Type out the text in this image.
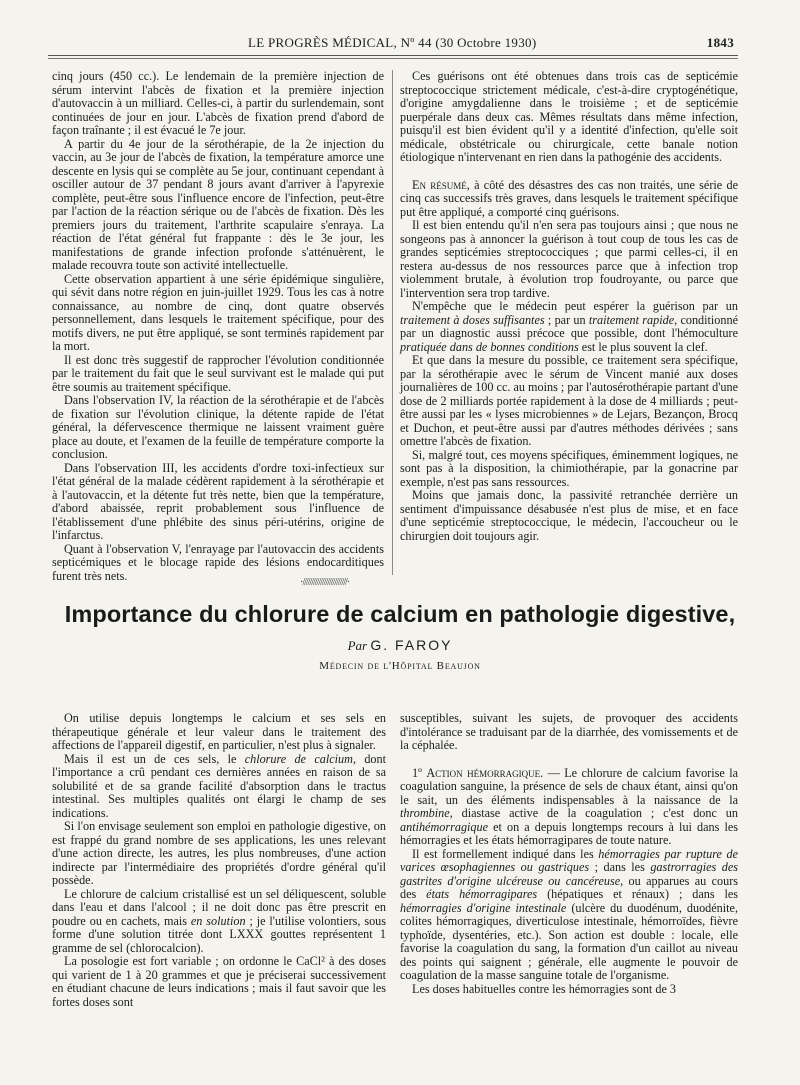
LE PROGRÈS MÉDICAL, Nº 44 (30 Octobre 1930)	1843

cinq jours (450 cc.). Le lendemain de la première injection de sérum intervint l'abcès de fixation et la première injection d'autovaccin à un milliard. Celles-ci, à partir du surlendemain, sont continuées de jour en jour. L'abcès de fixation prend d'abord de façon traînante ; il est évacué le 7e jour.

A partir du 4e jour de la sérothérapie, de la 2e injection du vaccin, au 3e jour de l'abcès de fixation, la température amorce une descente en lysis qui se complète au 5e jour, continuant cependant à osciller autour de 37 pendant 8 jours avant d'arriver à l'apyrexie complète, peut-être sous l'influence encore de l'infection, peut-être par l'action de la réaction sérique ou de l'abcès de fixation. Dès les premiers jours du traitement, l'arthrite scapulaire s'enraya. La réaction de l'état général fut frappante : dès le 3e jour, les manifestations de grande infection profonde s'atténuèrent, le malade recouvra toute son activité intellectuelle.

Cette observation appartient à une série épidémique singulière, qui sévit dans notre région en juin-juillet 1929. Tous les cas à notre connaissance, au nombre de cinq, dont quatre observés personnellement, dans lesquels le traitement spécifique, pour des motifs divers, ne put être appliqué, se sont terminés rapidement par la mort.

Il est donc très suggestif de rapprocher l'évolution conditionnée par le traitement du fait que le seul survivant est le malade qui put être soumis au traitement spécifique.

Dans l'observation IV, la réaction de la sérothérapie et de l'abcès de fixation sur l'évolution clinique, la détente rapide de l'état général, la défervescence thermique ne laissent vraiment guère place au doute, et l'examen de la feuille de température comporte la conclusion.

Dans l'observation III, les accidents d'ordre toxi-infectieux sur l'état général de la malade cédèrent rapidement à la sérothérapie et à l'autovaccin, et la détente fut très nette, bien que la température, d'abord abaissée, reprit probablement sous l'influence de l'établissement d'une phlébite des sinus péri-utérins, origine de l'infarctus.

Quant à l'observation V, l'enrayage par l'autovaccin des accidents septicémiques et le blocage rapide des lésions endocarditiques furent très nets.

Ces guérisons ont été obtenues dans trois cas de septicémie streptococcique strictement médicale, c'est-à-dire cryptogénétique, d'origine amygdalienne dans le troisième ; et de septicémie puerpérale dans deux cas. Mêmes résultats dans même infection, puisqu'il est bien évident qu'il y a identité d'infection, qu'elle soit médicale, obstétricale ou chirurgicale, cette banale notion étiologique n'intervenant en rien dans la pathogénie des accidents.

En résumé, à côté des désastres des cas non traités, une série de cinq cas successifs très graves, dans lesquels le traitement spécifique put être appliqué, a comporté cinq guérisons.

Il est bien entendu qu'il n'en sera pas toujours ainsi ; que nous ne songeons pas à annoncer la guérison à tout coup de tous les cas de grandes septicémies streptococciques ; que parmi celles-ci, il en restera au-dessus de nos ressources parce que à infection trop violemment brutale, à évolution trop foudroyante, ou parce que l'intervention sera trop tardive.

N'empêche que le médecin peut espérer la guérison par un traitement à doses suffisantes ; par un traitement rapide, conditionné par un diagnostic aussi précoce que possible, dont l'hémoculture pratiquée dans de bonnes conditions est le plus souvent la clef.

Et que dans la mesure du possible, ce traitement sera spécifique, par la sérothérapie avec le sérum de Vincent manié aux doses journalières de 100 cc. au moins ; par l'autosérothérapie partant d'une dose de 2 milliards portée rapidement à la dose de 4 milliards ; peut-être aussi par les « lyses microbiennes » de Lejars, Bezançon, Brocq et Duchon, et peut-être aussi par d'autres méthodes dérivées ; sans omettre l'abcès de fixation.

Si, malgré tout, ces moyens spécifiques, éminemment logiques, ne sont pas à la disposition, la chimiothérapie, par la gonacrine par exemple, n'est pas sans ressources.

Moins que jamais donc, la passivité retranchée derrière un sentiment d'impuissance désabusée n'est plus de mise, et en face d'une septicémie streptococcique, le médecin, l'accoucheur ou le chirurgien doit toujours agir.

·/////////////////////////·
Importance du chlorure de calcium en pathologie digestive,
Par G. FAROY
Médecin de l'Hôpital Beaujon

On utilise depuis longtemps le calcium et ses sels en thérapeutique générale et leur valeur dans le traitement des affections de l'appareil digestif, en particulier, n'est plus à signaler.

Mais il est un de ces sels, le chlorure de calcium, dont l'importance a crû pendant ces dernières années en raison de sa solubilité et de sa grande facilité d'absorption dans le tractus intestinal. Ses multiples qualités ont élargi le champ de ses indications.

Si l'on envisage seulement son emploi en pathologie digestive, on est frappé du grand nombre de ses applications, les unes relevant d'une action directe, les autres, les plus nombreuses, d'une action indirecte par l'intermédiaire des propriétés d'ordre général qu'il possède.

Le chlorure de calcium cristallisé est un sel déliquescent, soluble dans l'eau et dans l'alcool ; il ne doit donc pas être prescrit en poudre ou en cachets, mais en solution ; je l'utilise volontiers, sous forme d'une solution titrée dont LXXX gouttes représentent 1 gramme de sel (chlorocalcion).

La posologie est fort variable ; on ordonne le CaCl² à des doses qui varient de 1 à 20 grammes et que je préciserai successivement en étudiant chacune de leurs indications ; mais il faut savoir que les fortes doses sont

susceptibles, suivant les sujets, de provoquer des accidents d'intolérance se traduisant par de la diarrhée, des vomissements et de la céphalée.

1º Action hémorragique. — Le chlorure de calcium favorise la coagulation sanguine, la présence de sels de chaux étant, ainsi qu'on le sait, un des éléments indispensables à la naissance de la thrombine, diastase active de la coagulation ; c'est donc un antihémorragique et on a depuis longtemps recours à lui dans les hémorragies et les états hémorragipares de toute nature.

Il est formellement indiqué dans les hémorragies par rupture de varices œsophagiennes ou gastriques ; dans les gastrorragies des gastrites d'origine ulcéreuse ou cancéreuse, ou apparues au cours des états hémorragipares (hépatiques et rénaux) ; dans les hémorragies d'origine intestinale (ulcère du duodénum, duodénite, colites hémorragiques, diverticulose intestinale, hémorroïdes, fièvre typhoïde, dysentéries, etc.). Son action est double : locale, elle favorise la coagulation du sang, la formation d'un caillot au niveau des points qui saignent ; générale, elle augmente le pouvoir de coagulation de la masse sanguine totale de l'organisme.

Les doses habituelles contre les hémorragies sont de 3
